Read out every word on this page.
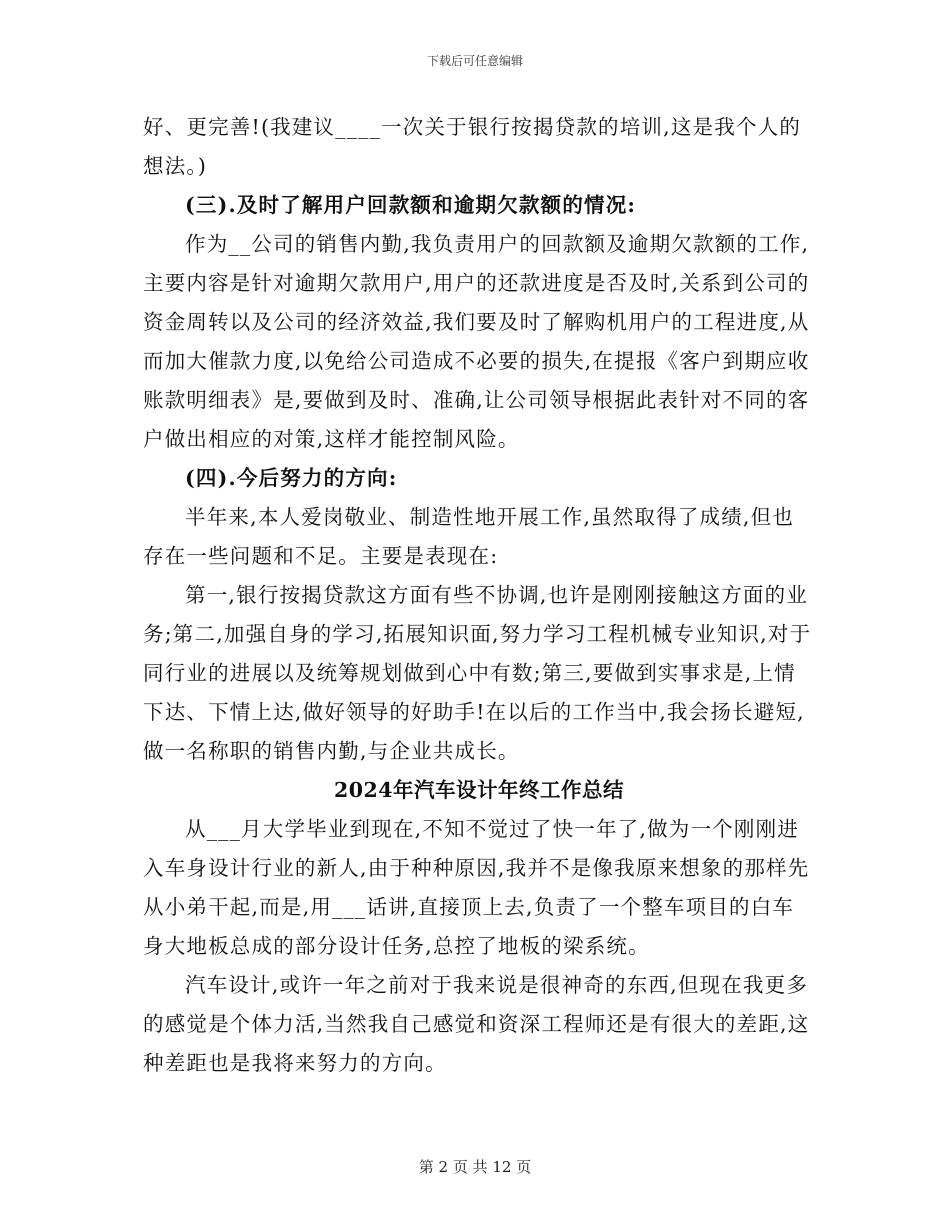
下载后可任意编辑

好、更完善!(我建议____一次关于银行按揭贷款的培训,这是我个人的想法。)

(三).及时了解用户回款额和逾期欠款额的情况:

作为__公司的销售内勤,我负责用户的回款额及逾期欠款额的工作,主要内容是针对逾期欠款用户,用户的还款进度是否及时,关系到公司的资金周转以及公司的经济效益,我们要及时了解购机用户的工程进度,从而加大催款力度,以免给公司造成不必要的损失,在提报《客户到期应收账款明细表》是,要做到及时、准确,让公司领导根据此表针对不同的客户做出相应的对策,这样才能控制风险。

(四).今后努力的方向:

半年来,本人爱岗敬业、制造性地开展工作,虽然取得了成绩,但也存在一些问题和不足。主要是表现在:

第一,银行按揭贷款这方面有些不协调,也许是刚刚接触这方面的业务;第二,加强自身的学习,拓展知识面,努力学习工程机械专业知识,对于同行业的进展以及统筹规划做到心中有数;第三,要做到实事求是,上情下达、下情上达,做好领导的好助手!在以后的工作当中,我会扬长避短,做一名称职的销售内勤,与企业共成长。

2024年汽车设计年终工作总结

从___月大学毕业到现在,不知不觉过了快一年了,做为一个刚刚进入车身设计行业的新人,由于种种原因,我并不是像我原来想象的那样先从小弟干起,而是,用___话讲,直接顶上去,负责了一个整车项目的白车身大地板总成的部分设计任务,总控了地板的梁系统。

汽车设计,或许一年之前对于我来说是很神奇的东西,但现在我更多的感觉是个体力活,当然我自己感觉和资深工程师还是有很大的差距,这种差距也是我将来努力的方向。

第 2 页 共 12 页
